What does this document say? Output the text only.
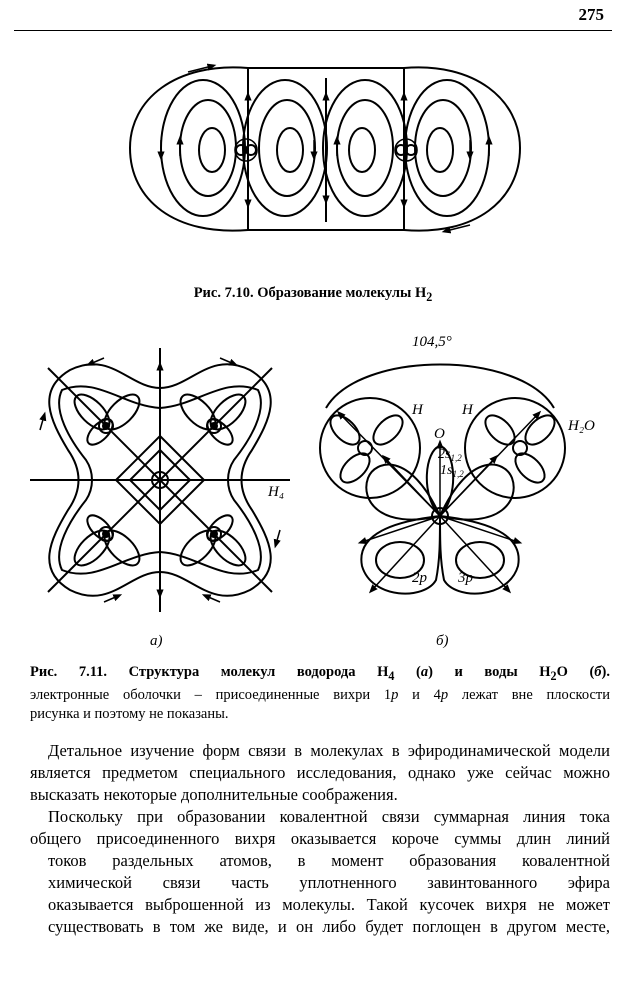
275
Рис. 7.10. Образование молекулы $Н_2$
H₄
а)
104,5°
H	H
O	H₂O
$2s_{1,2}$
$1s_{1,2}$
2p 3p
б)
Рис. 7.11. Структура молекул водорода $Н_4$ (а) и воды $Н_2О$ (б).
электронные оболочки – присоединенные вихри 1р и 4р лежат вне плоскости
рисунка и поэтому не показаны.

Детальное изучение форм связи в молекулах в эфиродинамической модели является предметом специального исследования, однако уже сейчас можно высказать некоторые дополнительные соображения.

Поскольку при образовании ковалентной связи суммарная линия тока
общего присоединенного вихря оказывается короче суммы длин линий
токов раздельных атомов, в момент образования ковалентной
химической связи часть уплотненного завинтованного эфира
оказывается выброшенной из молекулы. Такой кусочек вихря не может
существовать в том же виде, и он либо будет поглощен в другом месте,
